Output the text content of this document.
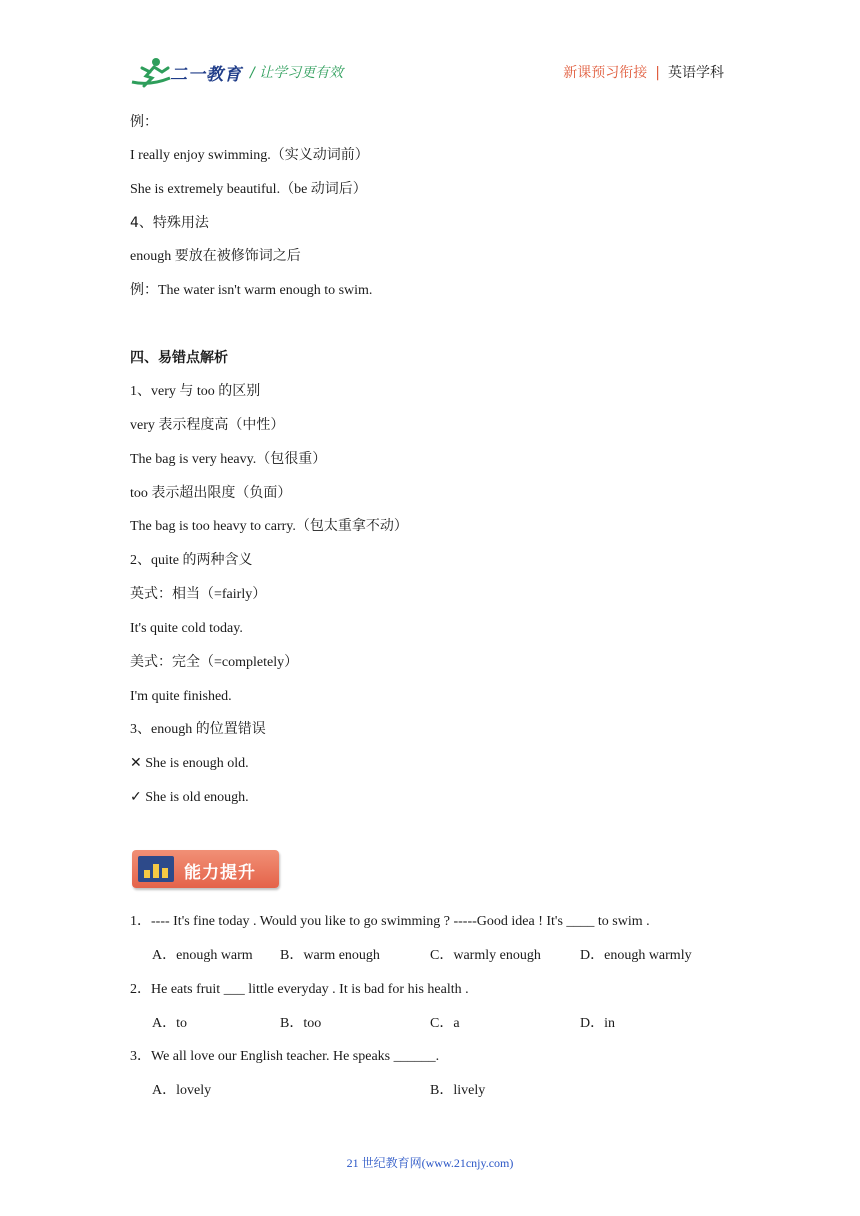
二一教育 / 让学习更有效	新课预习衔接 | 英语学科
例：
I really enjoy swimming.（实义动词前）
She is extremely beautiful.（be 动词后）
4、特殊用法
enough 要放在被修饰词之后
例：The water isn't warm enough to swim.
四、易错点解析
1、very 与 too 的区别
very 表示程度高（中性）
The bag is very heavy.（包很重）
too 表示超出限度（负面）
The bag is too heavy to carry.（包太重拿不动）
2、quite 的两种含义
英式：相当（=fairly）
It's quite cold today.
美式：完全（=completely）
I'm quite finished.
3、enough 的位置错误
✕ She is enough old.
✓ She is old enough.
能力提升
1．---- It's fine today . Would you like to go swimming ? -----Good idea ! It's ____ to swim .
A．enough warm B．warm enough	C．warmly enough	D．enough warmly
2．He eats fruit ___ little everyday . It is bad for his health .
A．to	B．too	C．a	D．in
3．We all love our English teacher. He speaks ______.
A．lovely	B．lively
21 世纪教育网(www.21cnjy.com)
